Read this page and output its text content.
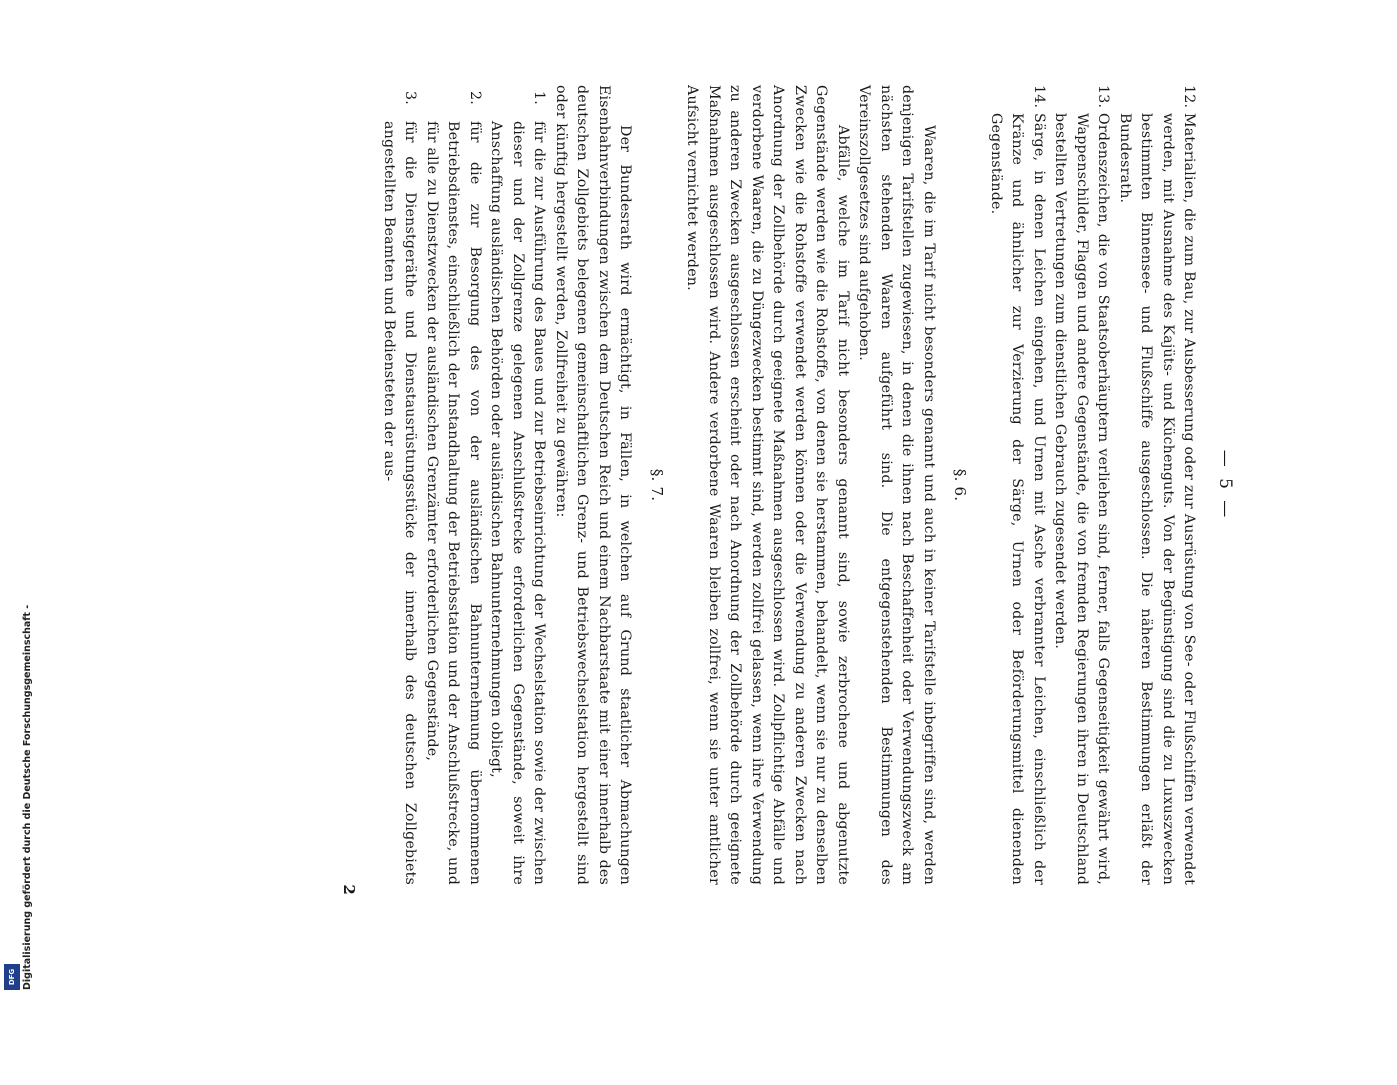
— 5 —
12.
Materialien, die zum Bau, zur Ausbesserung oder zur Ausrüstung von See- oder Flußschiffen verwendet werden, mit Ausnahme des Kajüts- und Küchenguts. Von der Begünstigung sind die zu Luxuszwecken bestimmten Binnensee- und Flußschiffe ausgeschlossen. Die näheren Bestimmungen erläßt der Bundesrath.
13.
Ordenszeichen, die von Staatsoberhäuptern verliehen sind, ferner, falls Gegenseitigkeit gewährt wird, Wappenschilder, Flaggen und andere Gegenstände, die von fremden Regierungen ihren in Deutschland bestellten Vertretungen zum dienstlichen Gebrauch zugesendet werden.
14.
Särge, in denen Leichen eingehen, und Urnen mit Asche verbrannter Leichen, einschließlich der Kränze und ähnlicher zur Verzierung der Särge, Urnen oder Beförderungsmittel dienenden Gegenstände.
§. 6.
Waaren, die im Tarif nicht besonders genannt und auch in keiner Tarifstelle inbegriffen sind, werden denjenigen Tarifstellen zugewiesen, in denen die ihnen nach Beschaffenheit oder Verwendungszweck am nächsten stehenden Waaren aufgeführt sind. Die entgegenstehenden Bestimmungen des Vereinszollgesetzes sind aufgehoben.
Abfälle, welche im Tarif nicht besonders genannt sind, sowie zerbrochene und abgenutzte Gegenstände werden wie die Rohstoffe, von denen sie herstammen, behandelt, wenn sie nur zu denselben Zwecken wie die Rohstoffe verwendet werden können oder die Verwendung zu anderen Zwecken nach Anordnung der Zollbehörde durch geeignete Maßnahmen ausgeschlossen wird. Zollpflichtige Abfälle und verdorbene Waaren, die zu Düngezwecken bestimmt sind, werden zollfrei gelassen, wenn ihre Verwendung zu anderen Zwecken ausgeschlossen erscheint oder nach Anordnung der Zollbehörde durch geeignete Maßnahmen ausgeschlossen wird. Andere verdorbene Waaren bleiben zollfrei, wenn sie unter amtlicher Aufsicht vernichtet werden.
§. 7.
Der Bundesrath wird ermächtigt, in Fällen, in welchen auf Grund staatlicher Abmachungen Eisenbahnverbindungen zwischen dem Deutschen Reich und einem Nachbarstaate mit einer innerhalb des deutschen Zollgebiets belegenen gemeinschaftlichen Grenz- und Betriebswechselstation hergestellt sind oder künftig hergestellt werden, Zollfreiheit zu gewähren:
1.
für die zur Ausführung des Baues und zur Betriebseinrichtung der Wechselstation sowie der zwischen dieser und der Zollgrenze gelegenen Anschlußstrecke erforderlichen Gegenstände, soweit ihre Anschaffung ausländischen Behörden oder ausländischen Bahnunternehmungen obliegt,
2.
für die zur Besorgung des von der ausländischen Bahnunternehmung übernommenen Betriebsdienstes, einschließlich der Instandhaltung der Betriebsstation und der Anschlußstrecke, und für alle zu Dienstzwecken der ausländischen Grenzämter erforderlichen Gegenstände,
3.
für die Dienstgeräthe und Dienstausrüstungsstücke der innerhalb des deutschen Zollgebiets angestellten Beamten und Bediensteten der aus-
2
Digitalisierung gefördert durch die Deutsche Forschungsgemeinschaft -
DFG
